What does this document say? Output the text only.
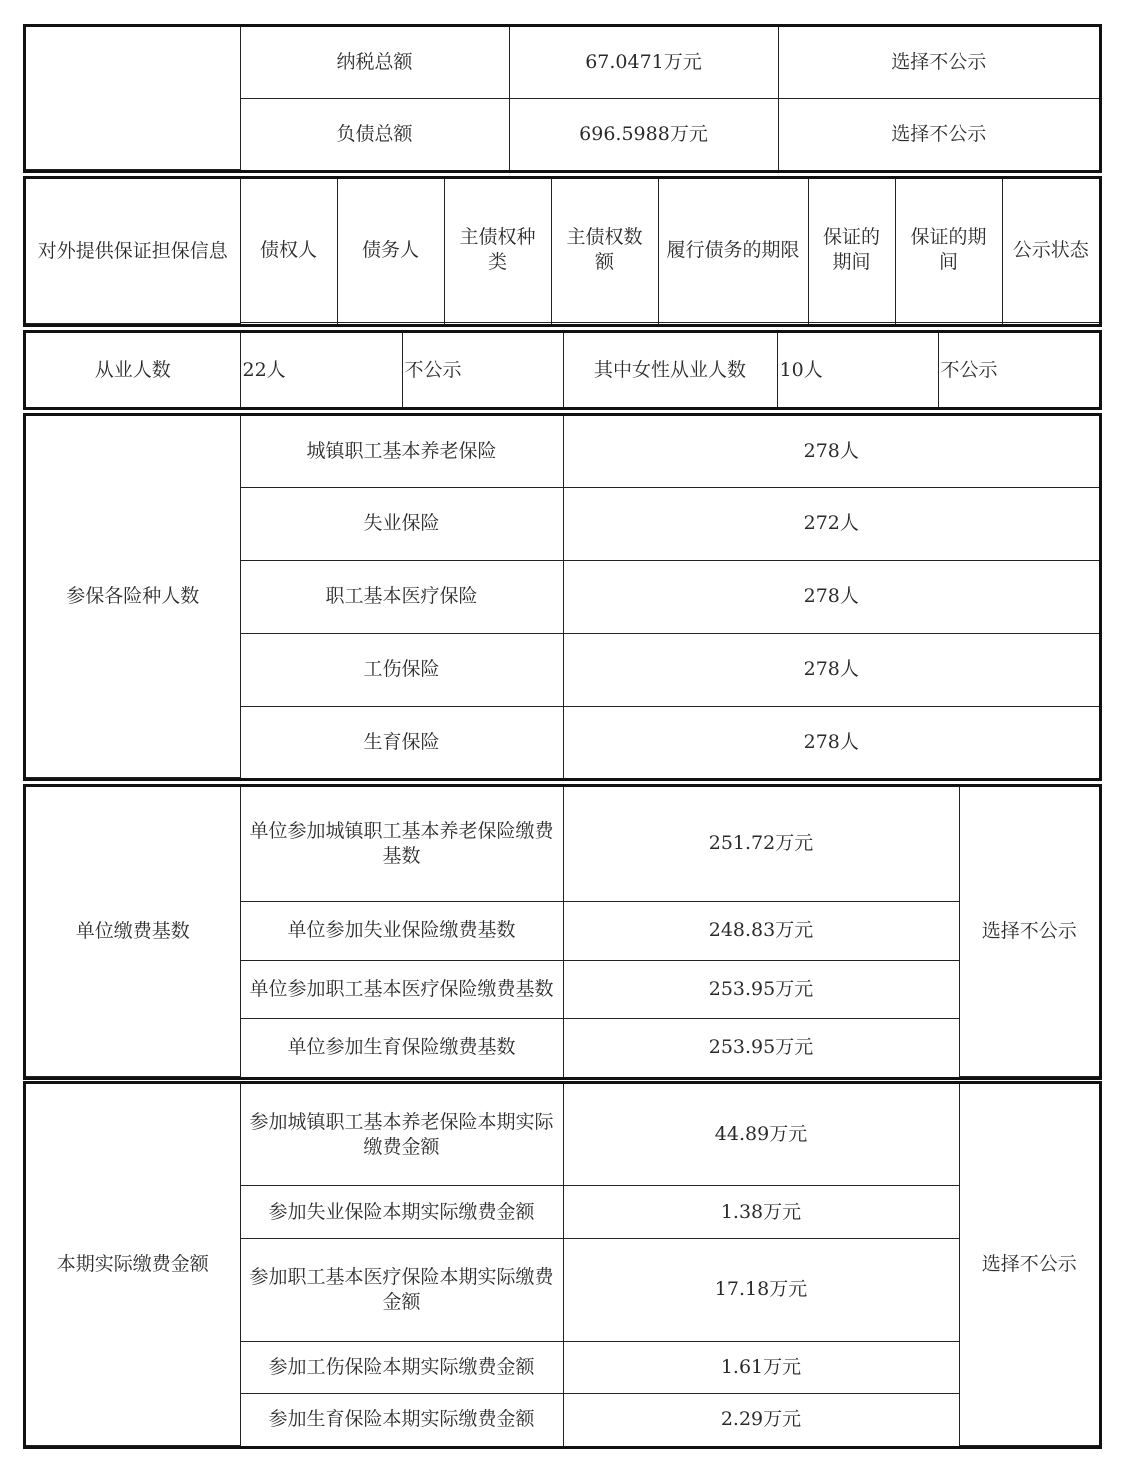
	纳税总额	67.0471万元	选择不公示
	负债总额	696.5988万元	选择不公示
对外提供保证担保信息	债权人	债务人	主债权种类	主债权数额	履行债务的期限	保证的期间	保证的期间	公示状态

从业人数	22人	不公示	其中女性从业人数	10人	不公示
参保各险种人数	城镇职工基本养老保险	278人
	失业保险	272人
	职工基本医疗保险	278人
	工伤保险	278人
	生育保险	278人
单位缴费基数	单位参加城镇职工基本养老保险缴费基数	251.72万元	选择不公示
	单位参加失业保险缴费基数	248.83万元	
	单位参加职工基本医疗保险缴费基数	253.95万元	
	单位参加生育保险缴费基数	253.95万元	
本期实际缴费金额	参加城镇职工基本养老保险本期实际缴费金额	44.89万元	选择不公示
	参加失业保险本期实际缴费金额	1.38万元	
	参加职工基本医疗保险本期实际缴费金额	17.18万元	
	参加工伤保险本期实际缴费金额	1.61万元	
	参加生育保险本期实际缴费金额	2.29万元	
